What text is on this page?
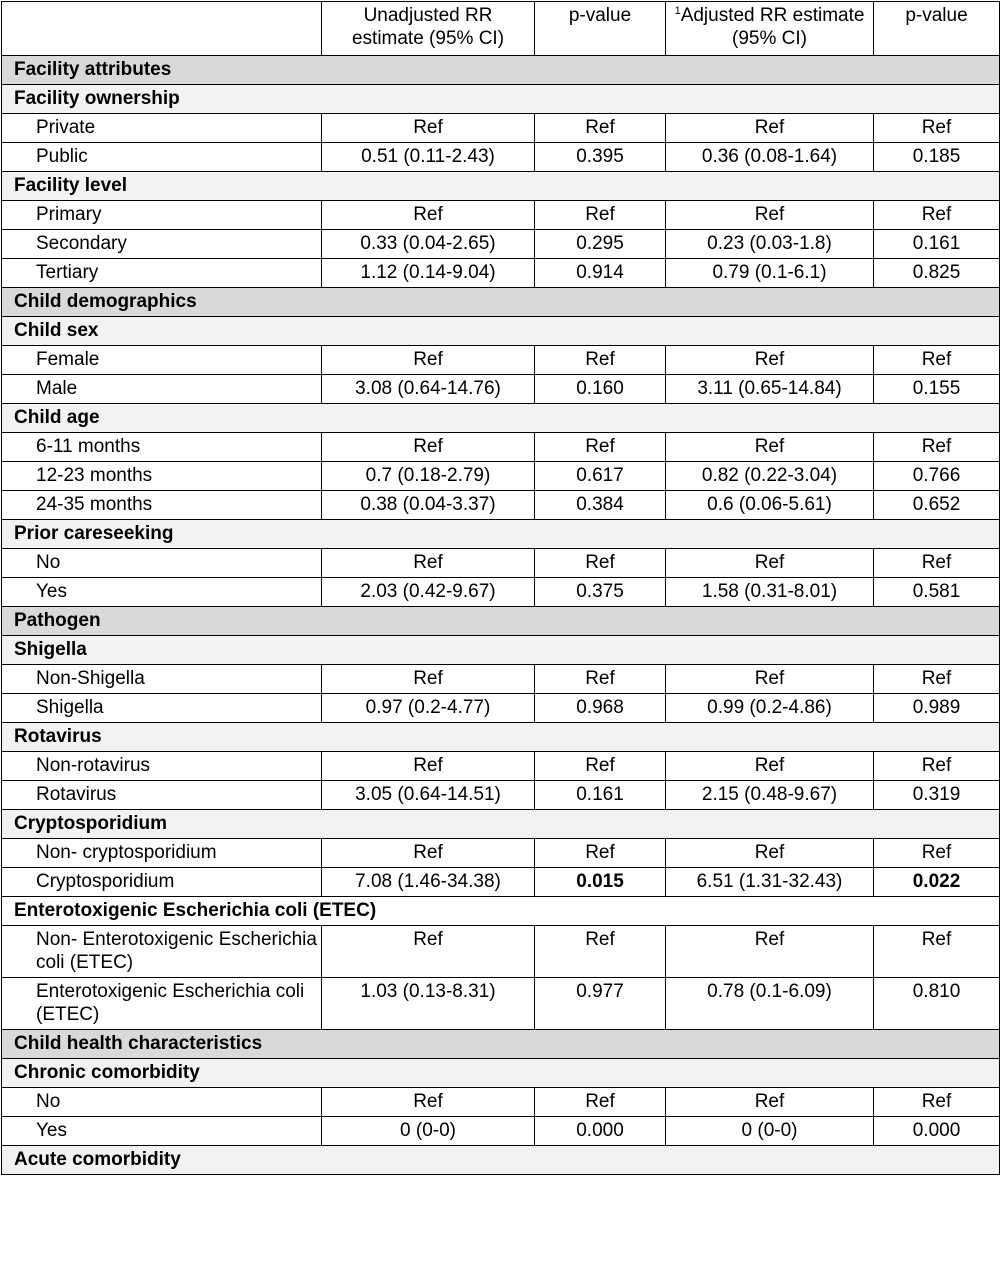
	Unadjusted RR estimate (95% CI)	p-value	$^1$Adjusted RR estimate (95% CI)	p-value
Facility attributes				
Facility ownership				
Private	Ref	Ref	Ref	Ref
Public	0.51 (0.11-2.43)	0.395	0.36 (0.08-1.64)	0.185
Facility level				
Primary	Ref	Ref	Ref	Ref
Secondary	0.33 (0.04-2.65)	0.295	0.23 (0.03-1.8)	0.161
Tertiary	1.12 (0.14-9.04)	0.914	0.79 (0.1-6.1)	0.825
Child demographics				
Child sex				
Female	Ref	Ref	Ref	Ref
Male	3.08 (0.64-14.76)	0.160	3.11 (0.65-14.84)	0.155
Child age				
6-11 months	Ref	Ref	Ref	Ref
12-23 months	0.7 (0.18-2.79)	0.617	0.82 (0.22-3.04)	0.766
24-35 months	0.38 (0.04-3.37)	0.384	0.6 (0.06-5.61)	0.652
Prior careseeking				
No	Ref	Ref	Ref	Ref
Yes	2.03 (0.42-9.67)	0.375	1.58 (0.31-8.01)	0.581
Pathogen				
Shigella				
Non-Shigella	Ref	Ref	Ref	Ref
Shigella	0.97 (0.2-4.77)	0.968	0.99 (0.2-4.86)	0.989
Rotavirus				
Non-rotavirus	Ref	Ref	Ref	Ref
Rotavirus	3.05 (0.64-14.51)	0.161	2.15 (0.48-9.67)	0.319
Cryptosporidium				
Non- cryptosporidium	Ref	Ref	Ref	Ref
Cryptosporidium	7.08 (1.46-34.38)	0.015	6.51 (1.31-32.43)	0.022
Enterotoxigenic Escherichia coli (ETEC)				
Non- Enterotoxigenic Escherichia coli (ETEC)	Ref	Ref	Ref	Ref
Enterotoxigenic Escherichia coli (ETEC)	1.03 (0.13-8.31)	0.977	0.78 (0.1-6.09)	0.810
Child health characteristics				
Chronic comorbidity				
No	Ref	Ref	Ref	Ref
Yes	0 (0-0)	0.000	0 (0-0)	0.000
Acute comorbidity				
